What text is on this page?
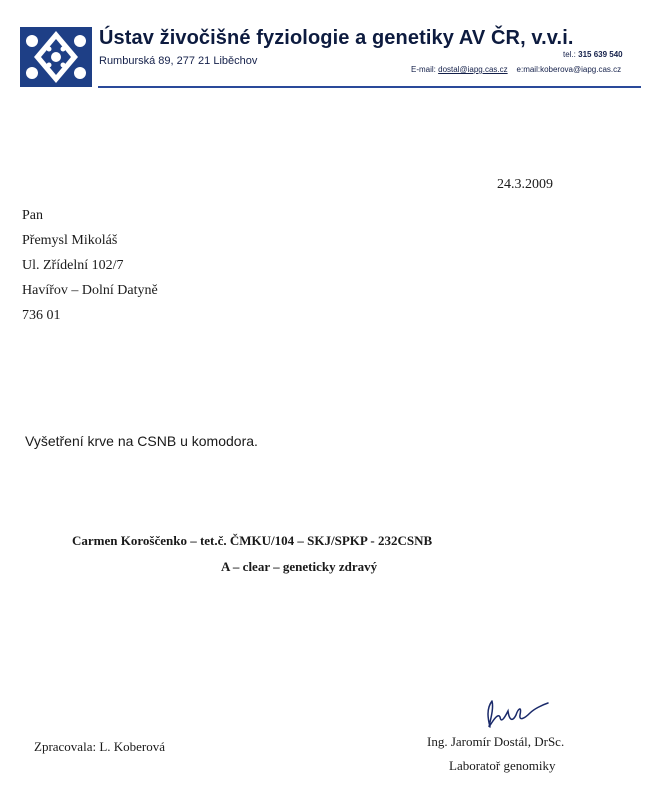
Ústav živočišné fyziologie a genetiky AV ČR, v.v.i.
Rumburská 89, 277 21 Liběchov
tel.: 315 639 540
E-mail: dostal@iapg.cas.cz e:mail:koberova@iapg.cas.cz
24.3.2009
Pan
Přemysl Mikoláš
Ul. Zřídelní 102/7
Havířov – Dolní Datyně
736 01
Vyšetření krve na CSNB u komodora.
Carmen Koroščenko – tet.č. ČMKU/104 – SKJ/SPKP - 232CSNB
A – clear – geneticky zdravý
Zpracovala: L. Koberová	Ing. Jaromír Dostál, DrSc.
Laboratoř genomiky
